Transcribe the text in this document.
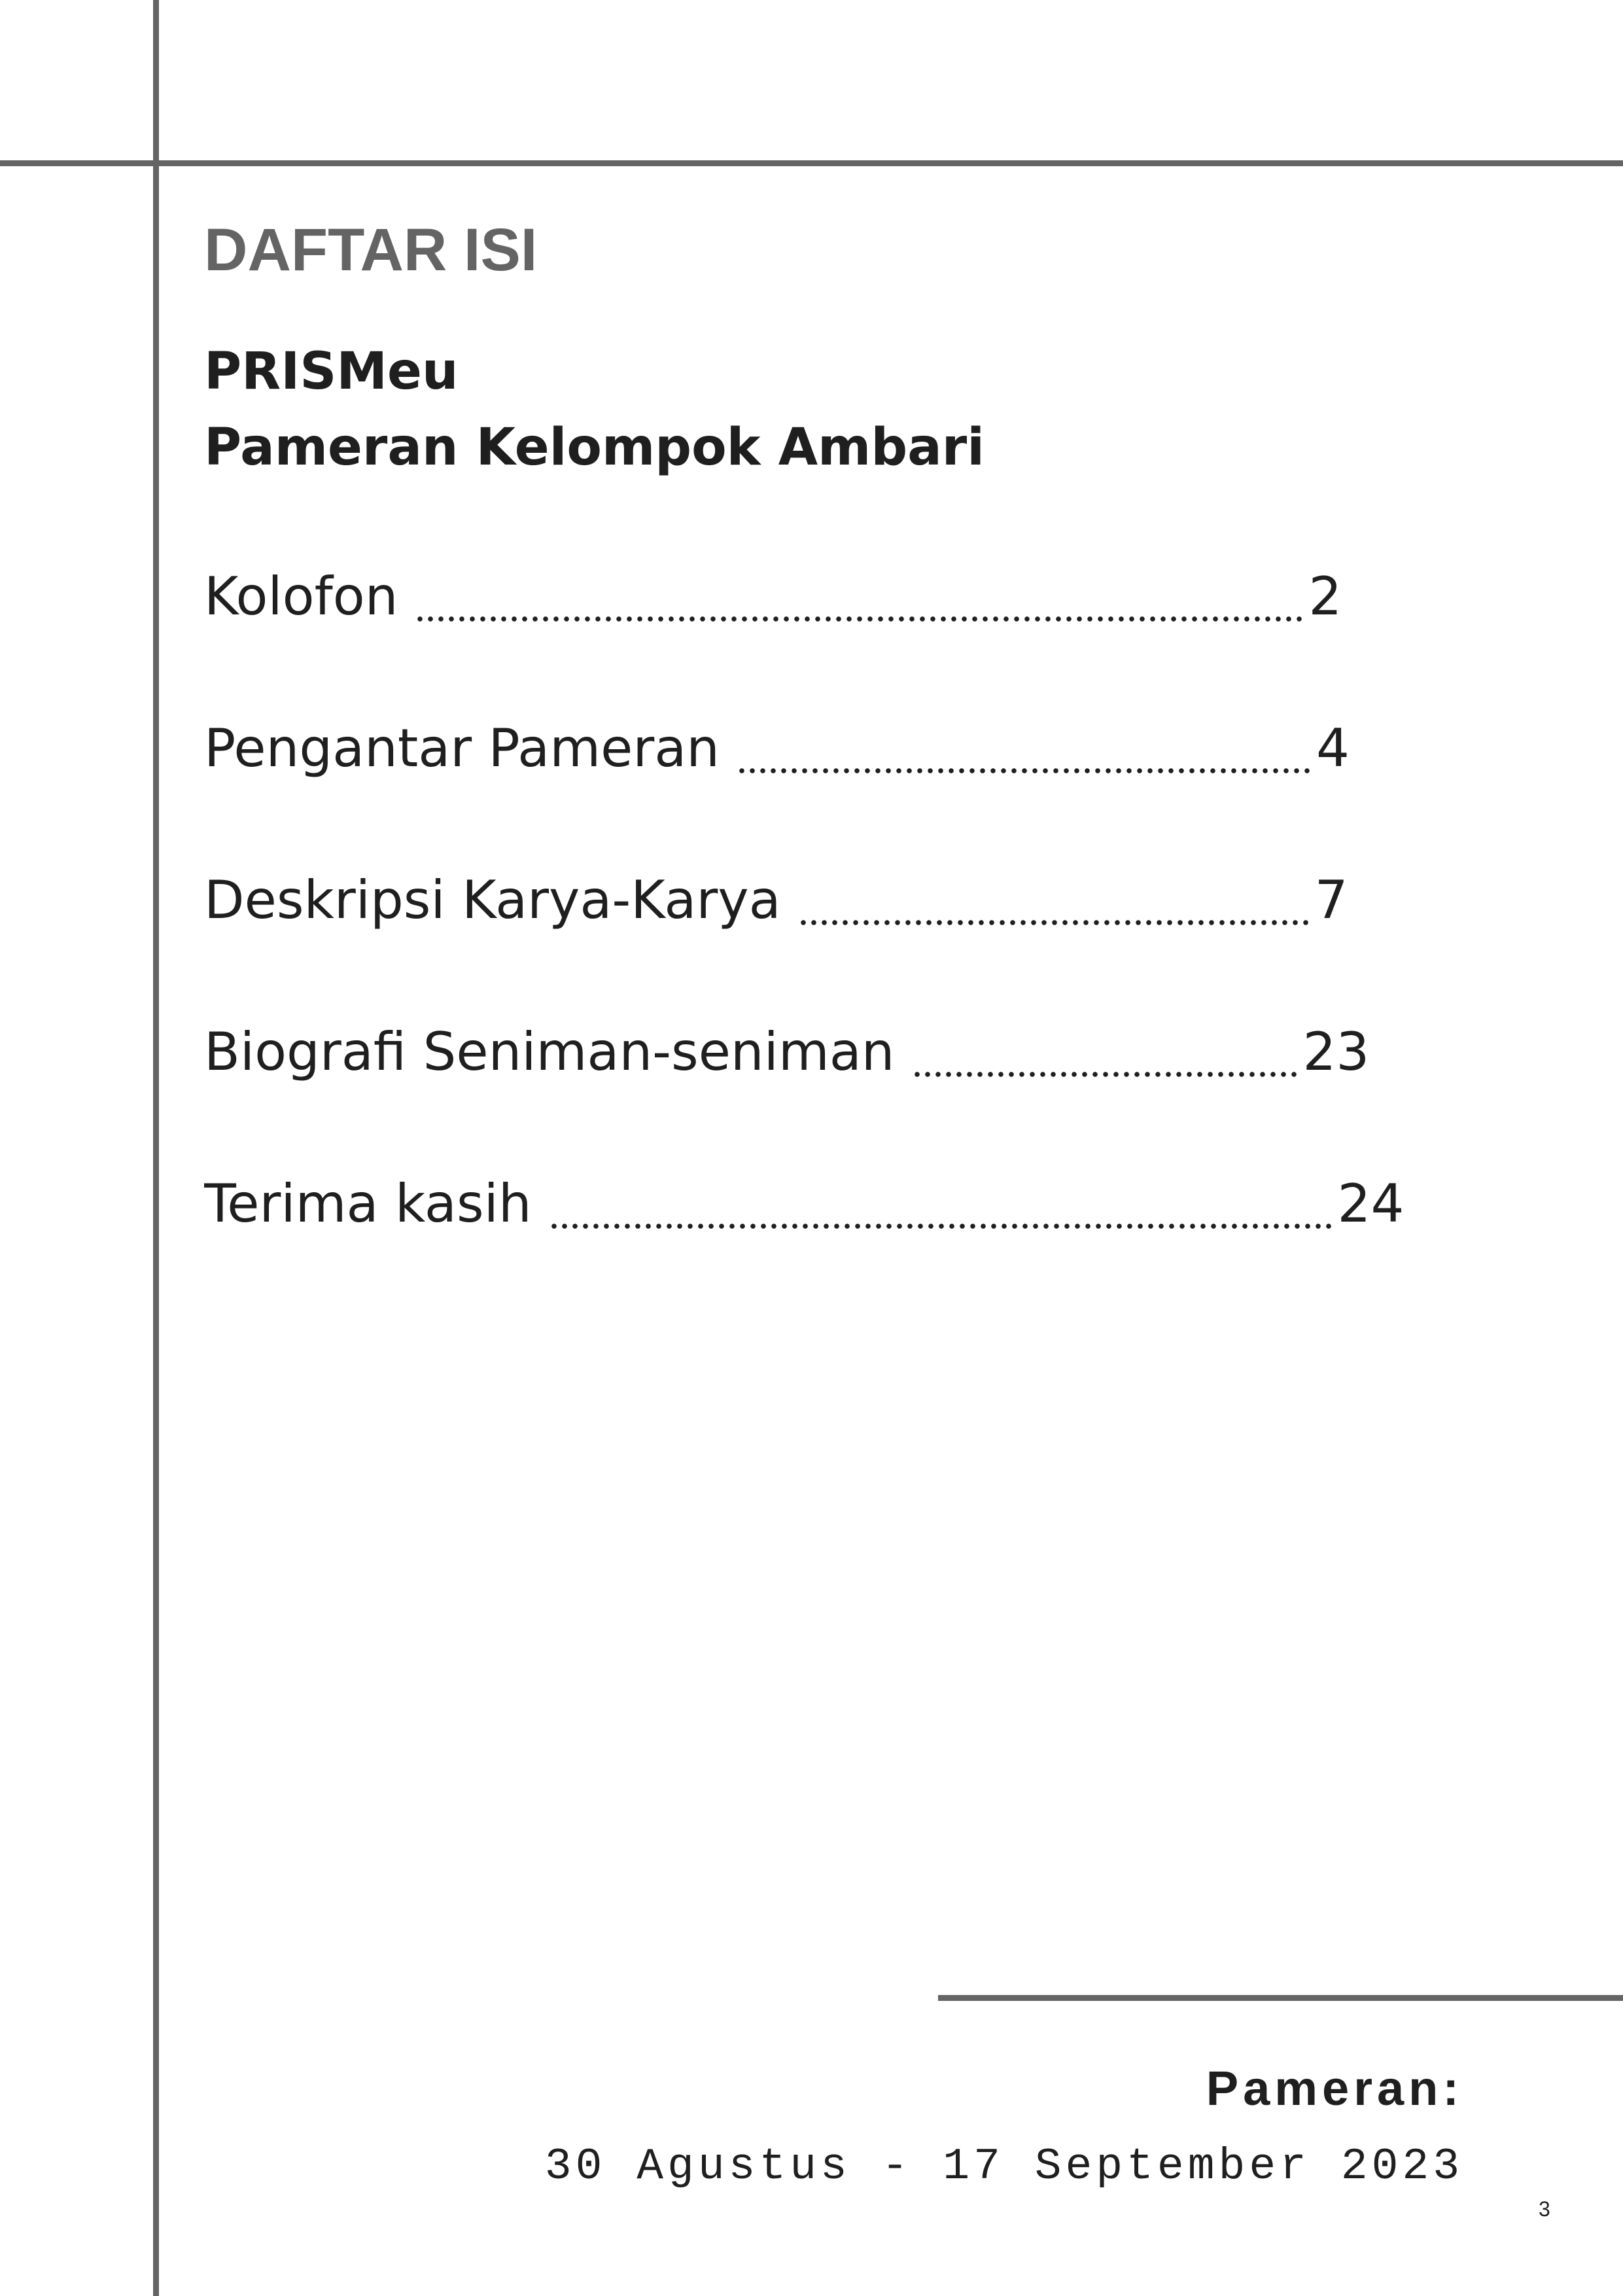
DAFTAR ISI
PRISMeu
Pameran Kelompok Ambari
Kolofon	2
Pengantar Pameran	4
Deskripsi Karya-Karya	7
Biografi Seniman-seniman	23
Terima kasih	24

Pameran:

30 Agustus - 17 September 2023

3
